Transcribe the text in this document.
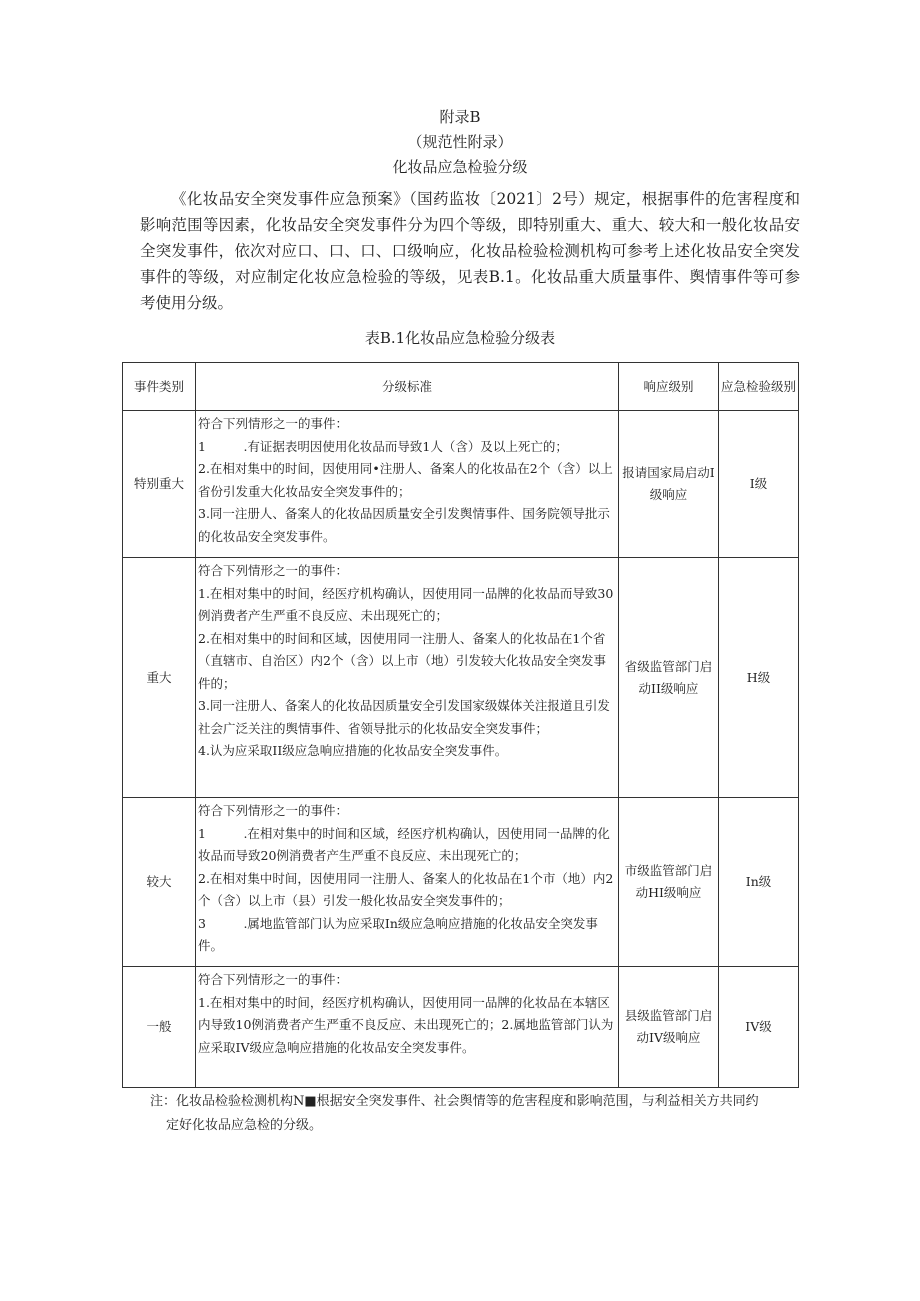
附录B
（规范性附录）
化妆品应急检验分级

《化妆品安全突发事件应急预案》（国药监妆〔2021〕2号）规定，根据事件的危害程度和影响范围等因素，化妆品安全突发事件分为四个等级，即特别重大、重大、较大和一般化妆品安全突发事件，依次对应口、口、口、口级响应，化妆品检验检测机构可参考上述化妆品安全突发事件的等级，对应制定化妆应急检验的等级，见表B.1。化妆品重大质量事件、舆情事件等可参考使用分级。

表B.1化妆品应急检验分级表
事件类别	分级标准	响应级别	应急检验级别
特别重大	符合下列情形之一的事件：
1　　　.有证据表明因使用化妆品而导致1人（含）及以上死亡的；
2.在相对集中的时间，因使用同•注册人、备案人的化妆品在2个（含）以上省份引发重大化妆品安全突发事件的；
3.同一注册人、备案人的化妆品因质量安全引发舆情事件、国务院领导批示的化妆品安全突发事件。	报请国家局启动I级响应	I级
重大	符合下列情形之一的事件：
1.在相对集中的时间，经医疗机构确认，因使用同一品牌的化妆品而导致30例消费者产生严重不良反应、未出现死亡的；
2.在相对集中的时间和区域，因使用同一注册人、备案人的化妆品在1个省（直辖市、自治区）内2个（含）以上市（地）引发较大化妆品安全突发事件的；
3.同一注册人、备案人的化妆品因质量安全引发国家级媒体关注报道且引发社会广泛关注的舆情事件、省领导批示的化妆品安全突发事件；
4.认为应采取II级应急响应措施的化妆品安全突发事件。	省级监管部门启动II级响应	H级
较大	符合下列情形之一的事件：
1　　　.在相对集中的时间和区域，经医疗机构确认，因使用同一品牌的化妆品而导致20例消费者产生严重不良反应、未出现死亡的；
2.在相对集中时间，因使用同一注册人、备案人的化妆品在1个市（地）内2个（含）以上市（县）引发一般化妆品安全突发事件的；
3　　　.属地监管部门认为应采取In级应急响应措施的化妆品安全突发事件。	市级监管部门启动HI级响应	In级
一般	符合下列情形之一的事件：
1.在相对集中的时间，经医疗机构确认，因使用同一品牌的化妆品在本辖区内导致10例消费者产生严重不良反应、未出现死亡的；2.属地监管部门认为应采取IV级应急响应措施的化妆品安全突发事件。	县级监管部门启动IV级响应	IV级

注：化妆品检验检测机构N■根据安全突发事件、社会舆情等的危害程度和影响范围，与利益相关方共同约
定好化妆品应急检的分级。
